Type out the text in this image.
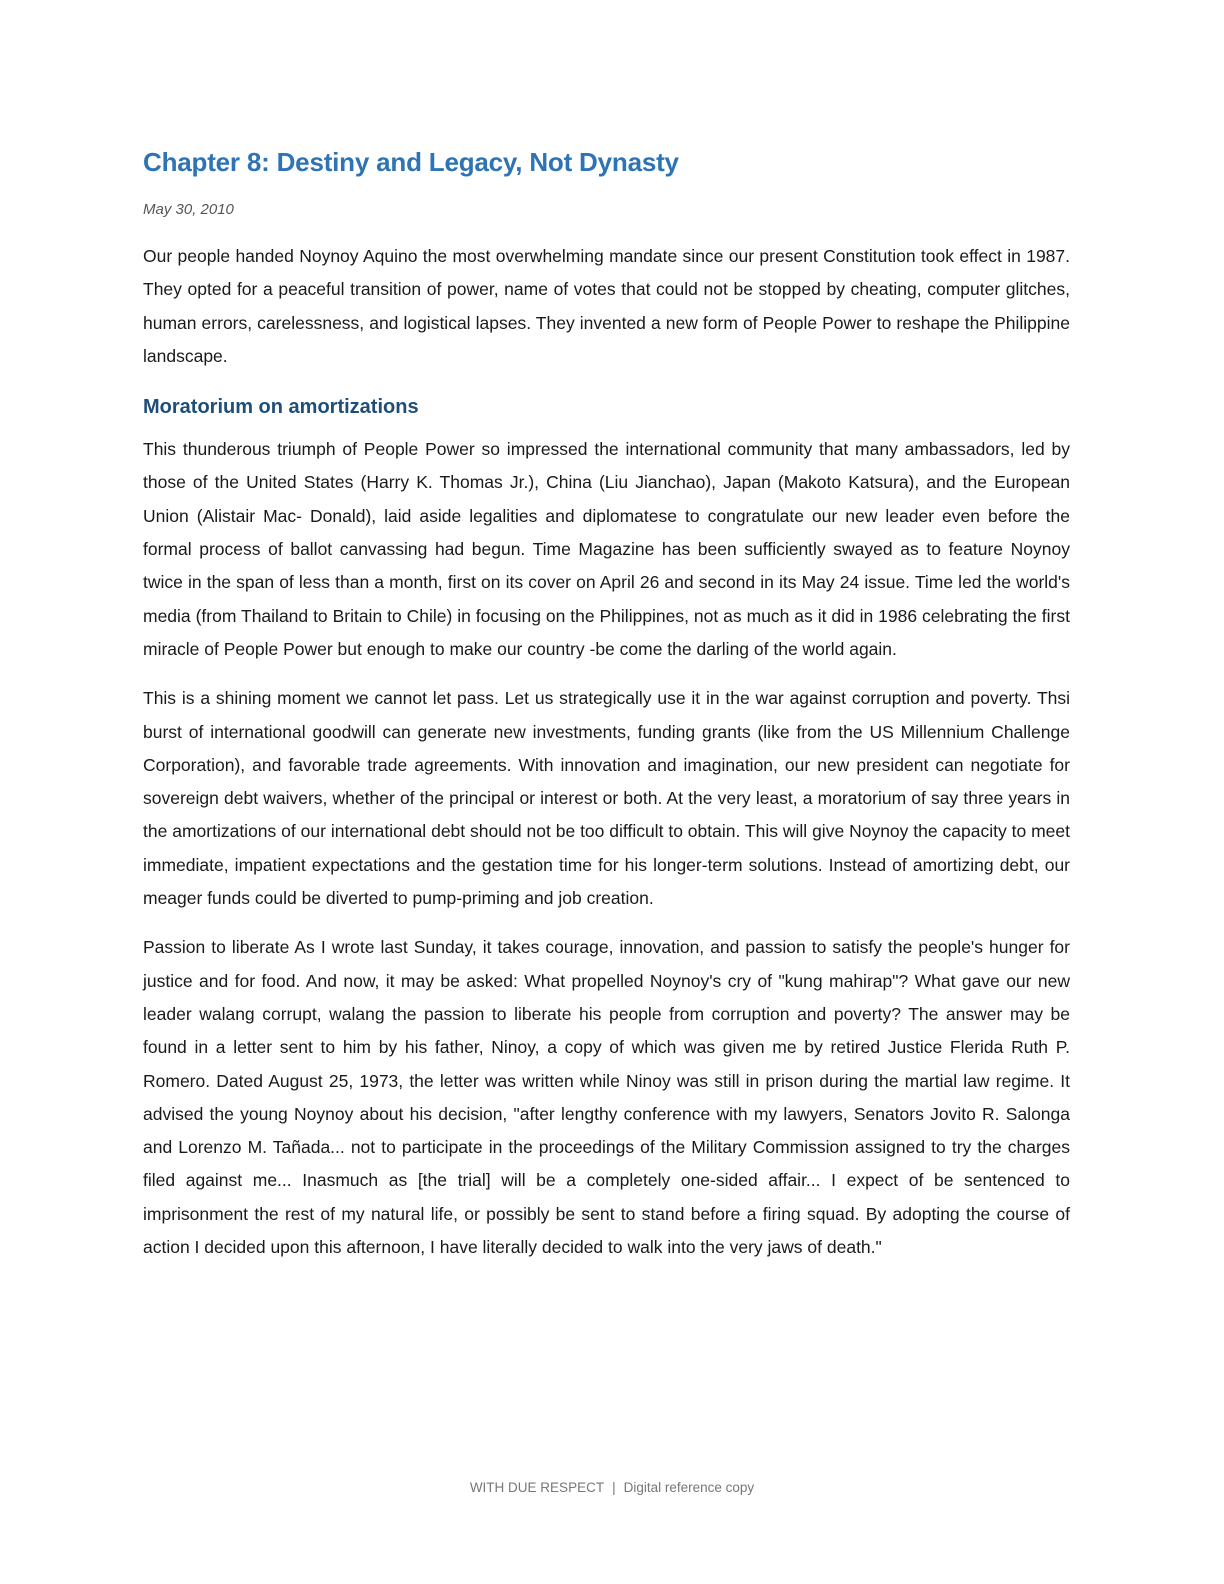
Chapter 8: Destiny and Legacy, Not Dynasty
May 30, 2010

Our people handed Noynoy Aquino the most overwhelming mandate since our present Constitution took effect in 1987. They opted for a peaceful transition of power, name of votes that could not be stopped by cheating, computer glitches, human errors, carelessness, and logistical lapses. They invented a new form of People Power to reshape the Philippine landscape.

Moratorium on amortizations

This thunderous triumph of People Power so impressed the international community that many ambassadors, led by those of the United States (Harry K. Thomas Jr.), China (Liu Jianchao), Japan (Makoto Katsura), and the European Union (Alistair Mac- Donald), laid aside legalities and diplomatese to congratulate our new leader even before the formal process of ballot canvassing had begun. Time Magazine has been sufficiently swayed as to feature Noynoy twice in the span of less than a month, first on its cover on April 26 and second in its May 24 issue. Time led the world's media (from Thailand to Britain to Chile) in focusing on the Philippines, not as much as it did in 1986 celebrating the first miracle of People Power but enough to make our country -be come the darling of the world again.

This is a shining moment we cannot let pass. Let us strategically use it in the war against corruption and poverty. Thsi burst of international goodwill can generate new investments, funding grants (like from the US Millennium Challenge Corporation), and favorable trade agreements. With innovation and imagination, our new president can negotiate for sovereign debt waivers, whether of the principal or interest or both. At the very least, a moratorium of say three years in the amortizations of our international debt should not be too difficult to obtain. This will give Noynoy the capacity to meet immediate, impatient expectations and the gestation time for his longer-term solutions. Instead of amortizing debt, our meager funds could be diverted to pump-priming and job creation.

Passion to liberate As I wrote last Sunday, it takes courage, innovation, and passion to satisfy the people's hunger for justice and for food. And now, it may be asked: What propelled Noynoy's cry of "kung mahirap"? What gave our new leader walang corrupt, walang the passion to liberate his people from corruption and poverty? The answer may be found in a letter sent to him by his father, Ninoy, a copy of which was given me by retired Justice Flerida Ruth P. Romero. Dated August 25, 1973, the letter was written while Ninoy was still in prison during the martial law regime. It advised the young Noynoy about his decision, "after lengthy conference with my lawyers, Senators Jovito R. Salonga and Lorenzo M. Tañada... not to participate in the proceedings of the Military Commission assigned to try the charges filed against me... Inasmuch as [the trial] will be a completely one-sided affair... I expect of be sentenced to imprisonment the rest of my natural life, or possibly be sent to stand before a firing squad. By adopting the course of action I decided upon this afternoon, I have literally decided to walk into the very jaws of death."

WITH DUE RESPECT | Digital reference copy
